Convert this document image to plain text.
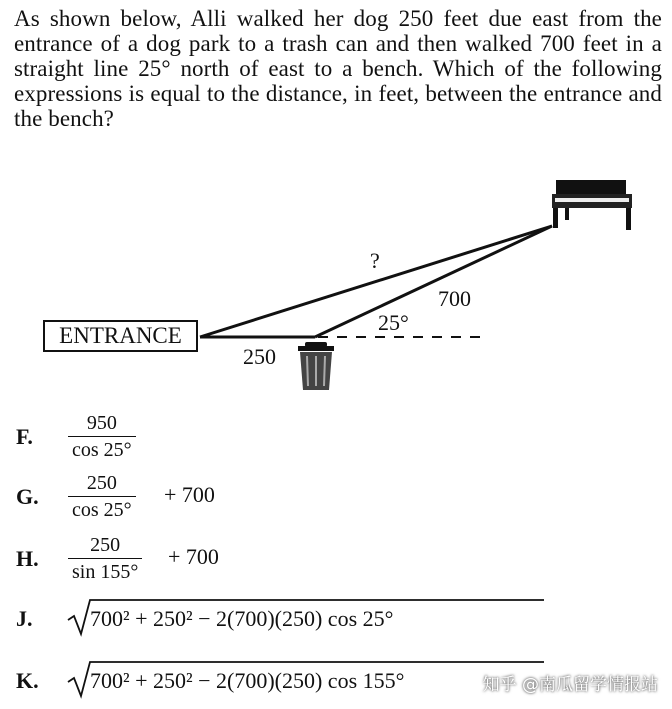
As shown below, Alli walked her dog 250 feet due east from the entrance of a dog park to a trash can and then walked 700 feet in a straight line 25° north of east to a bench. Which of the following expressions is equal to the distance, in feet, between the entrance and the bench?
ENTRANCE
?
700
25°
250
F. $\frac{950}{\cos 25^\circ}$
G. $\frac{250}{\cos 25^\circ} + 700$
H. $\frac{250}{\sin 155^\circ} + 700$
J.	700² + 250² − 2(700)(250) cos 25°
K. 700² + 250² − 2(700)(250) cos 155°	知乎 @南瓜留学情报站
